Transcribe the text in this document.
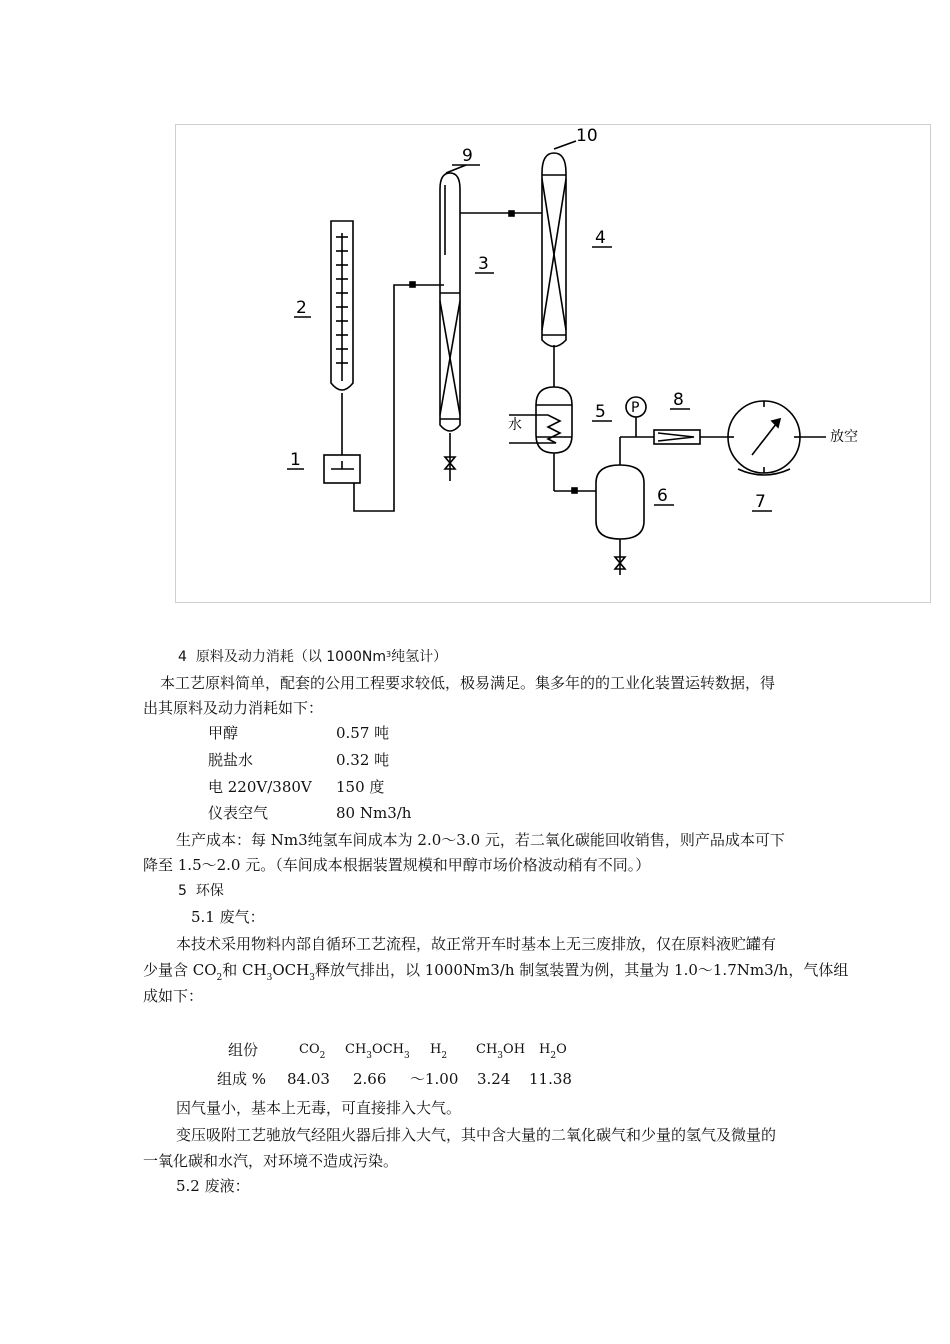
1
2
3
4
5
6	7
8
9
10
水
放空
P
4 原料及动力消耗（以 1000Nm$^3$纯氢计）
本工艺原料简单，配套的公用工程要求较低，极易满足。集多年的的工业化装置运转数据，得
出其原料及动力消耗如下：
甲醇	0.57 吨
脱盐水	0.32 吨
电 220V/380V 150 度
仪表空气	80 Nm3/h
生产成本：每 Nm3纯氢车间成本为 2.0～3.0 元，若二氧化碳能回收销售，则产品成本可下
降至 1.5～2.0 元。（车间成本根据装置规模和甲醇市场价格波动稍有不同。）
5 环保
5.1 废气：
本技术采用物料内部自循环工艺流程，故正常开车时基本上无三废排放，仅在原料液贮罐有
少量含 $CO_2$和 $CH_3OCH_3$释放气排出，以 1000Nm3/h 制氢装置为例，其量为 1.0～1.7Nm3/h，气体组
成如下：
组份	$CO_2$ $CH_3OCH_3$ $H_2$ $CH_3OH$ $H_2O$
组成 % 84.03 2.66 ～1.00 3.24 11.38
因气量小，基本上无毒，可直接排入大气。
变压吸附工艺驰放气经阻火器后排入大气，其中含大量的二氧化碳气和少量的氢气及微量的
一氧化碳和水汽，对环境不造成污染。
5.2 废液：
